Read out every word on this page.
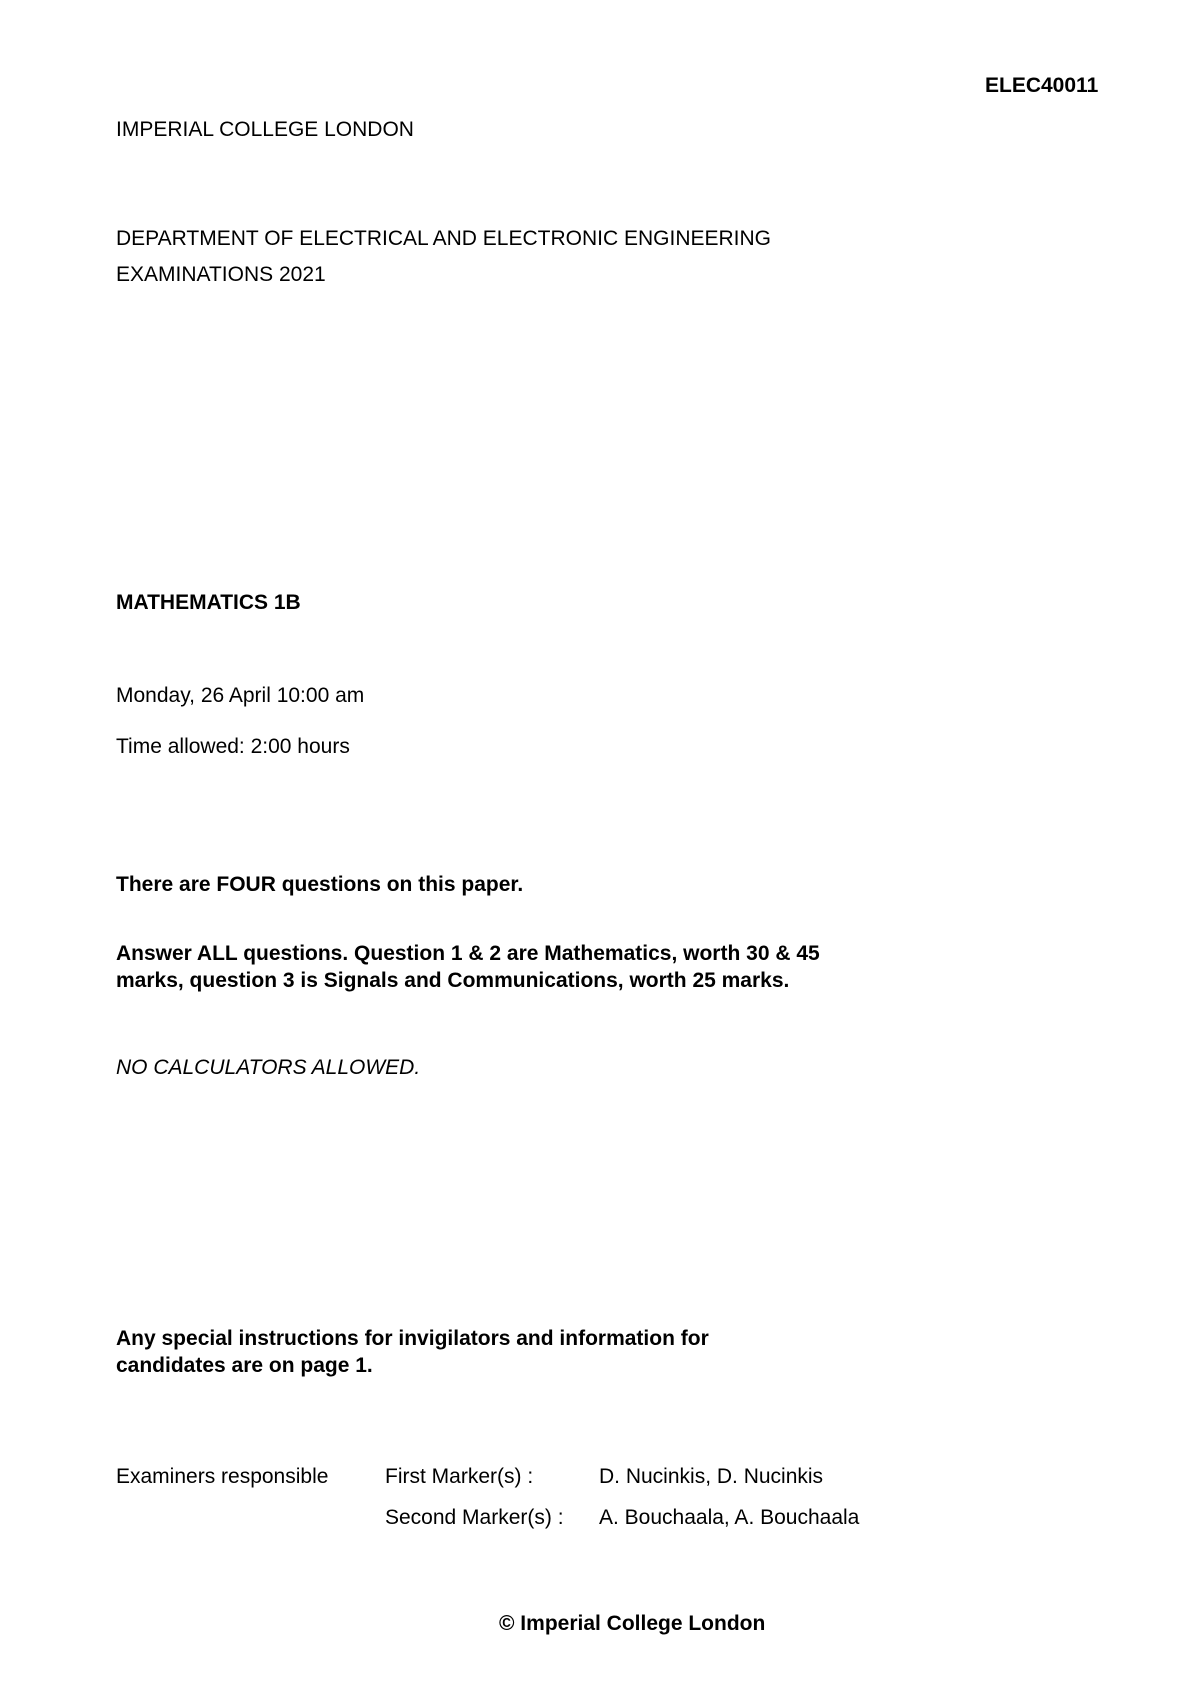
ELEC40011
IMPERIAL COLLEGE LONDON
DEPARTMENT OF ELECTRICAL AND ELECTRONIC ENGINEERING
EXAMINATIONS 2021
MATHEMATICS 1B
Monday, 26 April 10:00 am
Time allowed: 2:00 hours
There are FOUR questions on this paper.
Answer ALL questions. Question 1 & 2 are Mathematics, worth 30 & 45
marks, question 3 is Signals and Communications, worth 25 marks.
NO CALCULATORS ALLOWED.
Any special instructions for invigilators and information for
candidates are on page 1.
Examiners responsible	First Marker(s) :	D. Nucinkis, D. Nucinkis
Second Marker(s) : A. Bouchaala, A. Bouchaala
© Imperial College London
